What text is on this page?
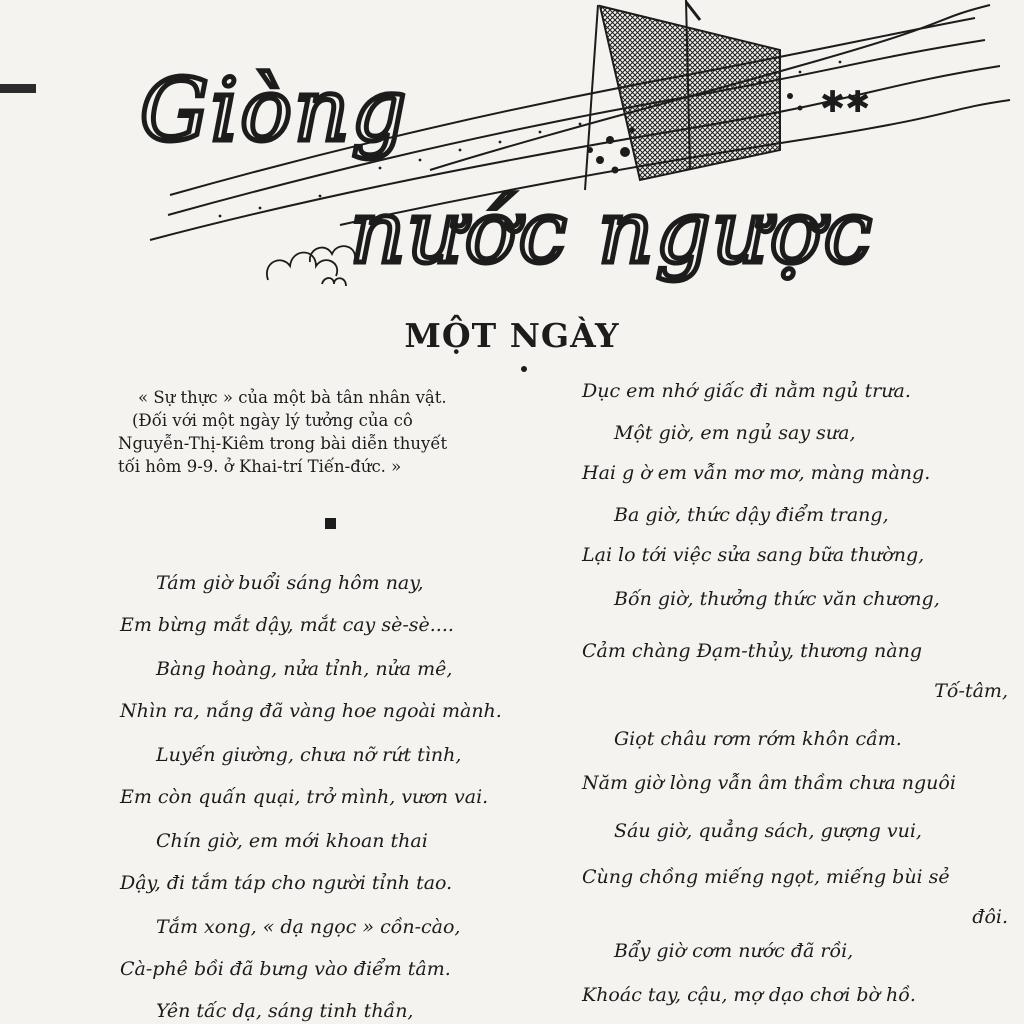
✱✱
Giòng
nước ngược
MỘT NGÀY

« Sự thực » của một bà tân nhân vật.

(Đối với một ngày lý tưởng của cô

Nguyễn-Thị-Kiêm trong bài diễn thuyết

tối hôm 9-9. ở Khai-trí Tiến-đức. »

Tám giờ buổi sáng hôm nay,
Em bừng mắt dậy, mắt cay sè-sè....
Bàng hoàng, nửa tỉnh, nửa mê,
Nhìn ra, nắng đã vàng hoe ngoài mành.
Luyến giường, chưa nỡ rứt tình,
Em còn quấn quại, trở mình, vươn vai.
Chín giờ, em mới khoan thai
Dậy, đi tắm táp cho người tỉnh tao.
Tắm xong, « dạ ngọc » cồn-cào,
Cà-phê bồi đã bưng vào điểm tâm.
Yên tấc dạ, sáng tinh thần,
Dục em nhớ giấc đi nằm ngủ trưa.
Một giờ, em ngủ say sưa,
Hai g ờ em vẫn mơ mơ, màng màng.
Ba giờ, thức dậy điểm trang,
Lại lo tới việc sửa sang bữa thường,
Bốn giờ, thưởng thức văn chương,
Cảm chàng Đạm-thủy, thương nàng
Tố-tâm,
Giọt châu rơm rớm khôn cầm.
Năm giờ lòng vẫn âm thầm chưa nguôi
Sáu giờ, quẳng sách, gượng vui,
Cùng chồng miếng ngọt, miếng bùi sẻ
đôi.
Bẩy giờ cơm nước đã rồi,
Khoác tay, cậu, mợ dạo chơi bờ hồ.
